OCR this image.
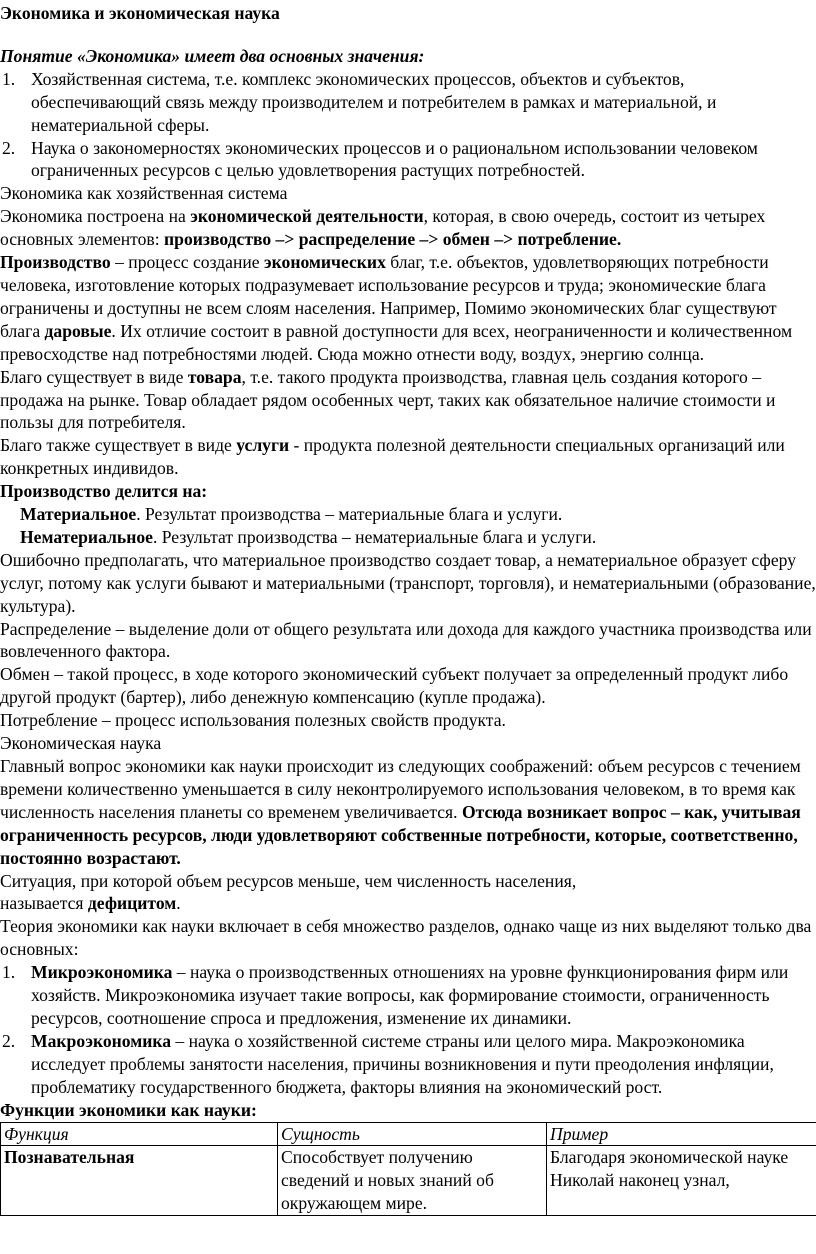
Экономика и экономическая наука

Понятие «Экономика» имеет два основных значения:

1. Хозяйственная система, т.е. комплекс экономических процессов, объектов и субъектов, обеспечивающий связь между производителем и потребителем в рамках и материальной, и нематериальной сферы.
2. Наука о закономерностях экономических процессов и о рациональном использовании человеком ограниченных ресурсов с целью удовлетворения растущих потребностей.

Экономика как хозяйственная система

Экономика построена на экономической деятельности, которая, в свою очередь, состоит из четырех основных элементов: производство –> распределение –> обмен –> потребление.

Производство – процесс создание экономических благ, т.е. объектов, удовлетворяющих потребности человека, изготовление которых подразумевает использование ресурсов и труда; экономические блага ограничены и доступны не всем слоям населения. Например, Помимо экономических благ существуют блага даровые. Их отличие состоит в равной доступности для всех, неограниченности и количественном превосходстве над потребностями людей. Сюда можно отнести воду, воздух, энергию солнца.

Благо существует в виде товара, т.е. такого продукта производства, главная цель создания которого – продажа на рынке. Товар обладает рядом особенных черт, таких как обязательное наличие стоимости и пользы для потребителя.

Благо также существует в виде услуги - продукта полезной деятельности специальных организаций или конкретных индивидов.

Производство делится на:

Материальное. Результат производства – материальные блага и услуги.

Нематериальное. Результат производства – нематериальные блага и услуги.

Ошибочно предполагать, что материальное производство создает товар, а нематериальное образует сферу услуг, потому как услуги бывают и материальными (транспорт, торговля), и нематериальными (образование, культура).

Распределение – выделение доли от общего результата или дохода для каждого участника производства или вовлеченного фактора.

Обмен – такой процесс, в ходе которого экономический субъект получает за определенный продукт либо другой продукт (бартер), либо денежную компенсацию (купле продажа).

Потребление – процесс использования полезных свойств продукта.

Экономическая наука

Главный вопрос экономики как науки происходит из следующих соображений: объем ресурсов с течением времени количественно уменьшается в силу неконтролируемого использования человеком, в то время как численность населения планеты со временем увеличивается. Отсюда возникает вопрос – как, учитывая ограниченность ресурсов, люди удовлетворяют собственные потребности, которые, соответственно, постоянно возрастают.

Ситуация, при которой объем ресурсов меньше, чем численность населения,
называется дефицитом.

Теория экономики как науки включает в себя множество разделов, однако чаще из них выделяют только два основных:

1. Микроэкономика – наука о производственных отношениях на уровне функционирования фирм или хозяйств. Микроэкономика изучает такие вопросы, как формирование стоимости, ограниченность ресурсов, соотношение спроса и предложения, изменение их динамики.
2. Макроэкономика – наука о хозяйственной системе страны или целого мира. Макроэкономика исследует проблемы занятости населения, причины возникновения и пути преодоления инфляции, проблематику государственного бюджета, факторы влияния на экономический рост.

Функции экономики как науки:

Функция	Сущность	Пример
Познавательная	Способствует получению сведений и новых знаний об окружающем мире.	Благодаря экономической науке Николай наконец узнал,
